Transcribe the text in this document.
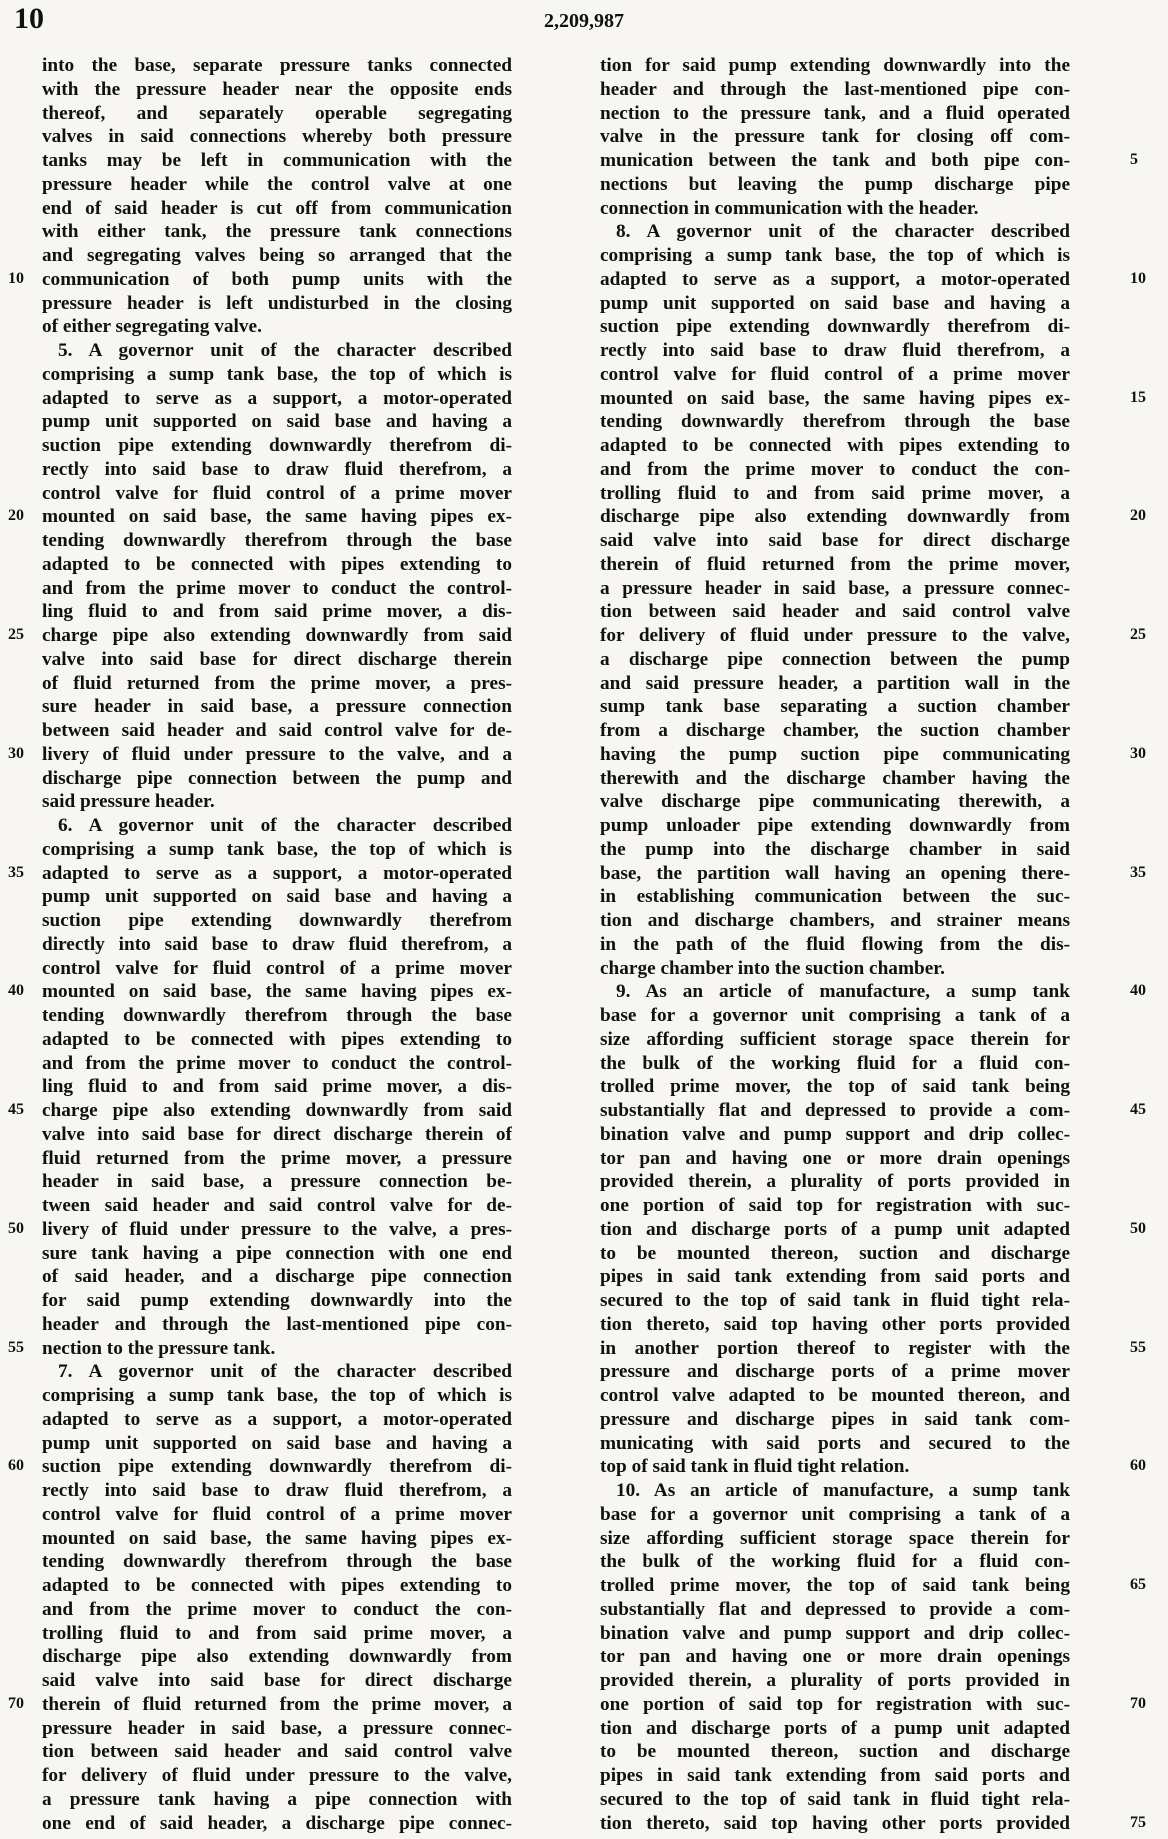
10	2,209,987
into the base, separate pressure tanks connected
with the pressure header near the opposite ends
thereof, and separately operable segregating
valves in said connections whereby both pressure
tanks may be left in communication with the
pressure header while the control valve at one
end of said header is cut off from communication
with either tank, the pressure tank connections
and segregating valves being so arranged that the
communication of both pump units with the
pressure header is left undisturbed in the closing
of either segregating valve.
5. A governor unit of the character described
comprising a sump tank base, the top of which is
adapted to serve as a support, a motor-operated
pump unit supported on said base and having a
suction pipe extending downwardly therefrom di-
rectly into said base to draw fluid therefrom, a
control valve for fluid control of a prime mover
mounted on said base, the same having pipes ex-
tending downwardly therefrom through the base
adapted to be connected with pipes extending to
and from the prime mover to conduct the control-
ling fluid to and from said prime mover, a dis-
charge pipe also extending downwardly from said
valve into said base for direct discharge therein
of fluid returned from the prime mover, a pres-
sure header in said base, a pressure connection
between said header and said control valve for de-
livery of fluid under pressure to the valve, and a
discharge pipe connection between the pump and
said pressure header.
6. A governor unit of the character described
comprising a sump tank base, the top of which is
adapted to serve as a support, a motor-operated
pump unit supported on said base and having a
suction pipe extending downwardly therefrom
directly into said base to draw fluid therefrom, a
control valve for fluid control of a prime mover
mounted on said base, the same having pipes ex-
tending downwardly therefrom through the base
adapted to be connected with pipes extending to
and from the prime mover to conduct the control-
ling fluid to and from said prime mover, a dis-
charge pipe also extending downwardly from said
valve into said base for direct discharge therein of
fluid returned from the prime mover, a pressure
header in said base, a pressure connection be-
tween said header and said control valve for de-
livery of fluid under pressure to the valve, a pres-
sure tank having a pipe connection with one end
of said header, and a discharge pipe connection
for said pump extending downwardly into the
header and through the last-mentioned pipe con-
nection to the pressure tank.
7. A governor unit of the character described
comprising a sump tank base, the top of which is
adapted to serve as a support, a motor-operated
pump unit supported on said base and having a
suction pipe extending downwardly therefrom di-
rectly into said base to draw fluid therefrom, a
control valve for fluid control of a prime mover
mounted on said base, the same having pipes ex-
tending downwardly therefrom through the base
adapted to be connected with pipes extending to
and from the prime mover to conduct the con-
trolling fluid to and from said prime mover, a
discharge pipe also extending downwardly from
said valve into said base for direct discharge
therein of fluid returned from the prime mover, a
pressure header in said base, a pressure connec-
tion between said header and said control valve
for delivery of fluid under pressure to the valve,
a pressure tank having a pipe connection with
one end of said header, a discharge pipe connec-
tion for said pump extending downwardly into the
header and through the last-mentioned pipe con-
nection to the pressure tank, and a fluid operated
valve in the pressure tank for closing off com-
munication between the tank and both pipe con-
nections but leaving the pump discharge pipe
connection in communication with the header.
8. A governor unit of the character described
comprising a sump tank base, the top of which is
adapted to serve as a support, a motor-operated
pump unit supported on said base and having a
suction pipe extending downwardly therefrom di-
rectly into said base to draw fluid therefrom, a
control valve for fluid control of a prime mover
mounted on said base, the same having pipes ex-
tending downwardly therefrom through the base
adapted to be connected with pipes extending to
and from the prime mover to conduct the con-
trolling fluid to and from said prime mover, a
discharge pipe also extending downwardly from
said valve into said base for direct discharge
therein of fluid returned from the prime mover,
a pressure header in said base, a pressure connec-
tion between said header and said control valve
for delivery of fluid under pressure to the valve,
a discharge pipe connection between the pump
and said pressure header, a partition wall in the
sump tank base separating a suction chamber
from a discharge chamber, the suction chamber
having the pump suction pipe communicating
therewith and the discharge chamber having the
valve discharge pipe communicating therewith, a
pump unloader pipe extending downwardly from
the pump into the discharge chamber in said
base, the partition wall having an opening there-
in establishing communication between the suc-
tion and discharge chambers, and strainer means
in the path of the fluid flowing from the dis-
charge chamber into the suction chamber.
9. As an article of manufacture, a sump tank
base for a governor unit comprising a tank of a
size affording sufficient storage space therein for
the bulk of the working fluid for a fluid con-
trolled prime mover, the top of said tank being
substantially flat and depressed to provide a com-
bination valve and pump support and drip collec-
tor pan and having one or more drain openings
provided therein, a plurality of ports provided in
one portion of said top for registration with suc-
tion and discharge ports of a pump unit adapted
to be mounted thereon, suction and discharge
pipes in said tank extending from said ports and
secured to the top of said tank in fluid tight rela-
tion thereto, said top having other ports provided
in another portion thereof to register with the
pressure and discharge ports of a prime mover
control valve adapted to be mounted thereon, and
pressure and discharge pipes in said tank com-
municating with said ports and secured to the
top of said tank in fluid tight relation.
10. As an article of manufacture, a sump tank
base for a governor unit comprising a tank of a
size affording sufficient storage space therein for
the bulk of the working fluid for a fluid con-
trolled prime mover, the top of said tank being
substantially flat and depressed to provide a com-
bination valve and pump support and drip collec-
tor pan and having one or more drain openings
provided therein, a plurality of ports provided in
one portion of said top for registration with suc-
tion and discharge ports of a pump unit adapted
to be mounted thereon, suction and discharge
pipes in said tank extending from said ports and
secured to the top of said tank in fluid tight rela-
tion thereto, said top having other ports provided
10
20
25
30
35
40
45
50
55
60
70
5
10
15
20
25
30
35
40
45
50
55
60
65
70
75
